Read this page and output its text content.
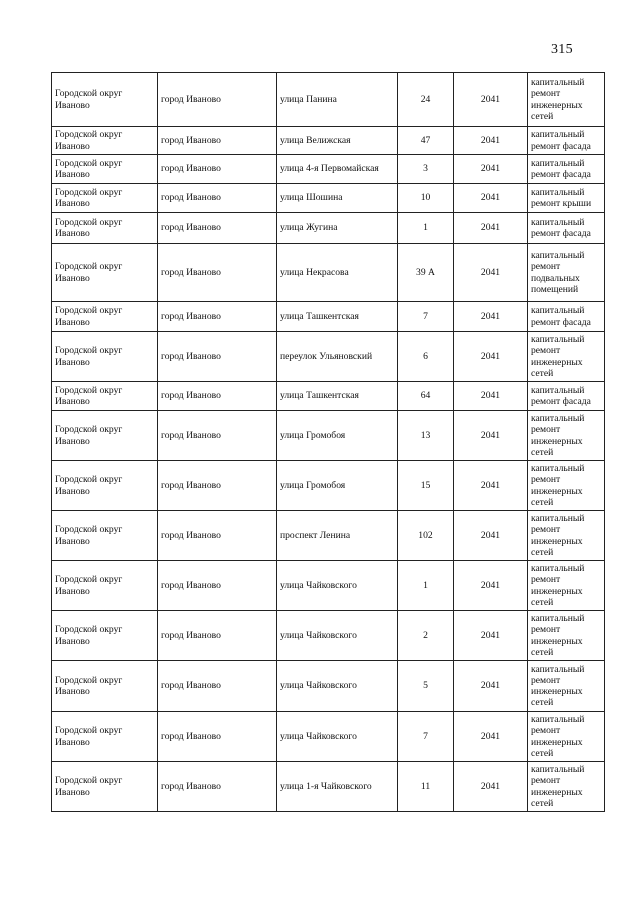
315
Городской округ Иваново	город Иваново	улица Панина	24	2041	капитальный ремонт инженерных сетей
Городской округ Иваново	город Иваново	улица Велижская	47	2041	капитальный ремонт фасада
Городской округ Иваново	город Иваново	улица 4-я Первомайская	3	2041	капитальный ремонт фасада
Городской округ Иваново	город Иваново	улица Шошина	10	2041	капитальный ремонт крыши
Городской округ Иваново	город Иваново	улица Жугина	1	2041	капитальный ремонт фасада
Городской округ Иваново	город Иваново	улица Некрасова	39 А	2041	капитальный ремонт подвальных помещений
Городской округ Иваново	город Иваново	улица Ташкентская	7	2041	капитальный ремонт фасада
Городской округ Иваново	город Иваново	переулок Ульяновский	6	2041	капитальный ремонт инженерных сетей
Городской округ Иваново	город Иваново	улица Ташкентская	64	2041	капитальный ремонт фасада
Городской округ Иваново	город Иваново	улица Громобоя	13	2041	капитальный ремонт инженерных сетей
Городской округ Иваново	город Иваново	улица Громобоя	15	2041	капитальный ремонт инженерных сетей
Городской округ Иваново	город Иваново	проспект Ленина	102	2041	капитальный ремонт инженерных сетей
Городской округ Иваново	город Иваново	улица Чайковского	1	2041	капитальный ремонт инженерных сетей
Городской округ Иваново	город Иваново	улица Чайковского	2	2041	капитальный ремонт инженерных сетей
Городской округ Иваново	город Иваново	улица Чайковского	5	2041	капитальный ремонт инженерных сетей
Городской округ Иваново	город Иваново	улица Чайковского	7	2041	капитальный ремонт инженерных сетей
Городской округ Иваново	город Иваново	улица 1-я Чайковского	11	2041	капитальный ремонт инженерных сетей
